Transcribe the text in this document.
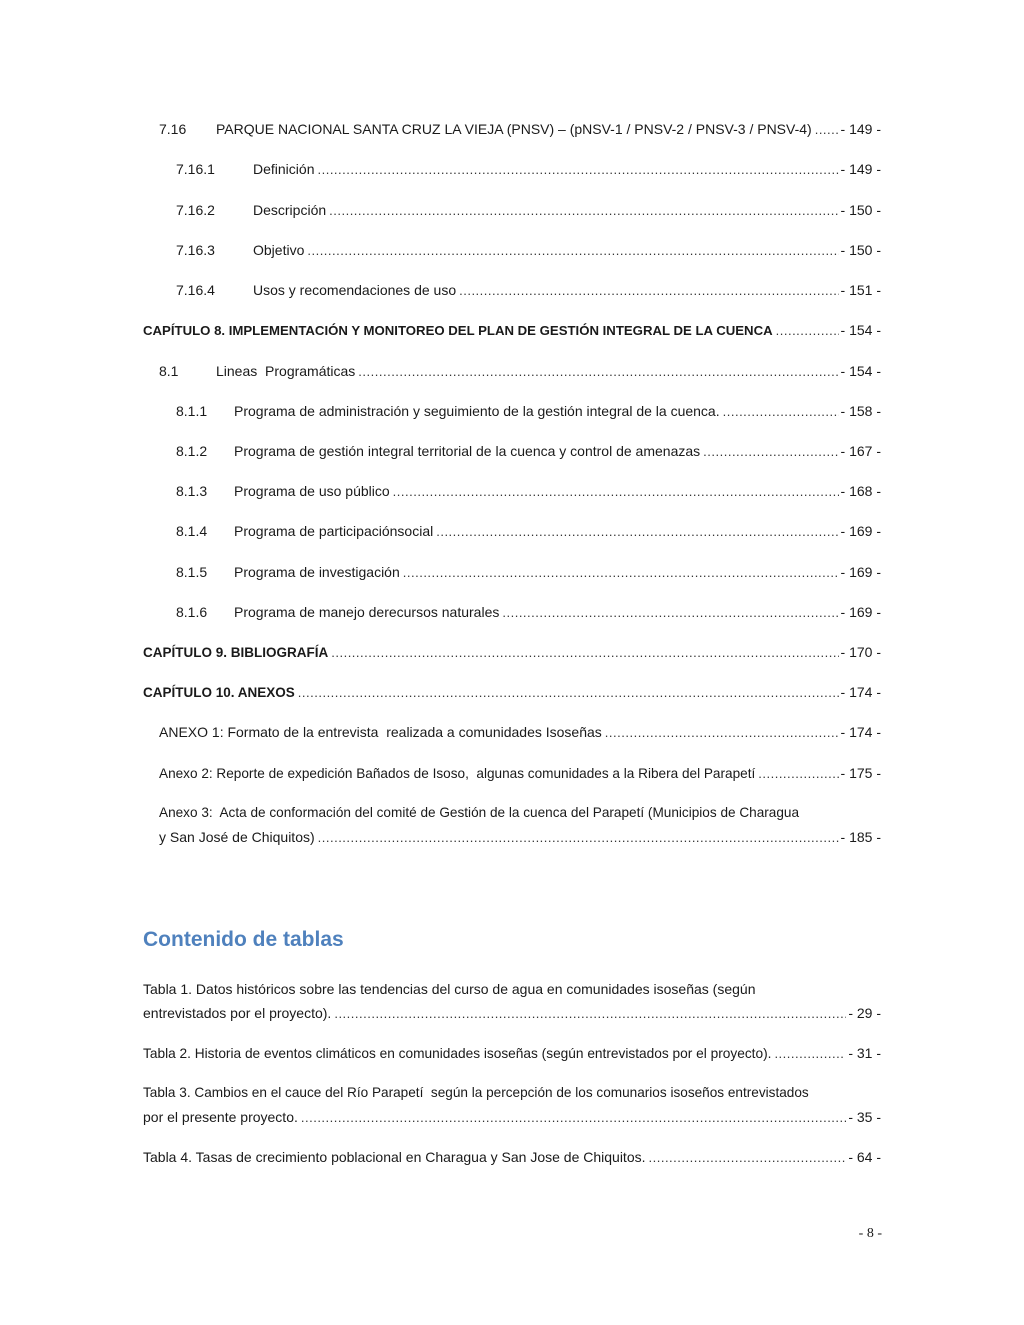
7.16	PARQUE NACIONAL SANTA CRUZ LA VIEJA (PNSV) – (pNSV-1 / PNSV-2 / PNSV-3 / PNSV-4) ..... - 149 -
7.16.1	Definición .....	- 149 -
7.16.2	Descripción .....	- 150 -
7.16.3	Objetivo .....	- 150 -
7.16.4	Usos y recomendaciones de uso .....	- 151 -
CAPÍTULO 8. IMPLEMENTACIÓN Y MONITOREO DEL PLAN DE GESTIÓN INTEGRAL DE LA CUENCA .....	- 154 -
8.1	Lineas  Programáticas .....	- 154 -
8.1.1	Programa de administración y seguimiento de la gestión integral de la cuenca. .....	- 158 -
8.1.2	Programa de gestión integral territorial de la cuenca y control de amenazas .....	- 167 -
8.1.3	Programa de uso público .....	- 168 -
8.1.4	Programa de participaciónsocial .....	- 169 -
8.1.5	Programa de investigación .....	- 169 -
8.1.6	Programa de manejo derecursos naturales .....	- 169 -
CAPÍTULO 9. BIBLIOGRAFÍA .....	- 170 -
CAPÍTULO 10. ANEXOS .....	- 174 -
ANEXO 1: Formato de la entrevista  realizada a comunidades Isoseñas .....	- 174 -
Anexo 2: Reporte de expedición Bañados de Isoso,  algunas comunidades a la Ribera del Parapetí .....	- 175 -
Anexo 3:  Acta de conformación del comité de Gestión de la cuenca del Parapetí (Municipios de Charagua
y San José de Chiquitos) .....	- 185 -
Contenido de tablas
Tabla 1. Datos históricos sobre las tendencias del curso de agua en comunidades isoseñas (según
entrevistados por el proyecto). .....	- 29 -
Tabla 2. Historia de eventos climáticos en comunidades isoseñas (según entrevistados por el proyecto). .....	- 31 -
Tabla 3. Cambios en el cauce del Río Parapetí  según la percepción de los comunarios isoseños entrevistados
por el presente proyecto. .....	- 35 -
Tabla 4. Tasas de crecimiento poblacional en Charagua y San Jose de Chiquitos. .....	- 64 -
- 8 -
